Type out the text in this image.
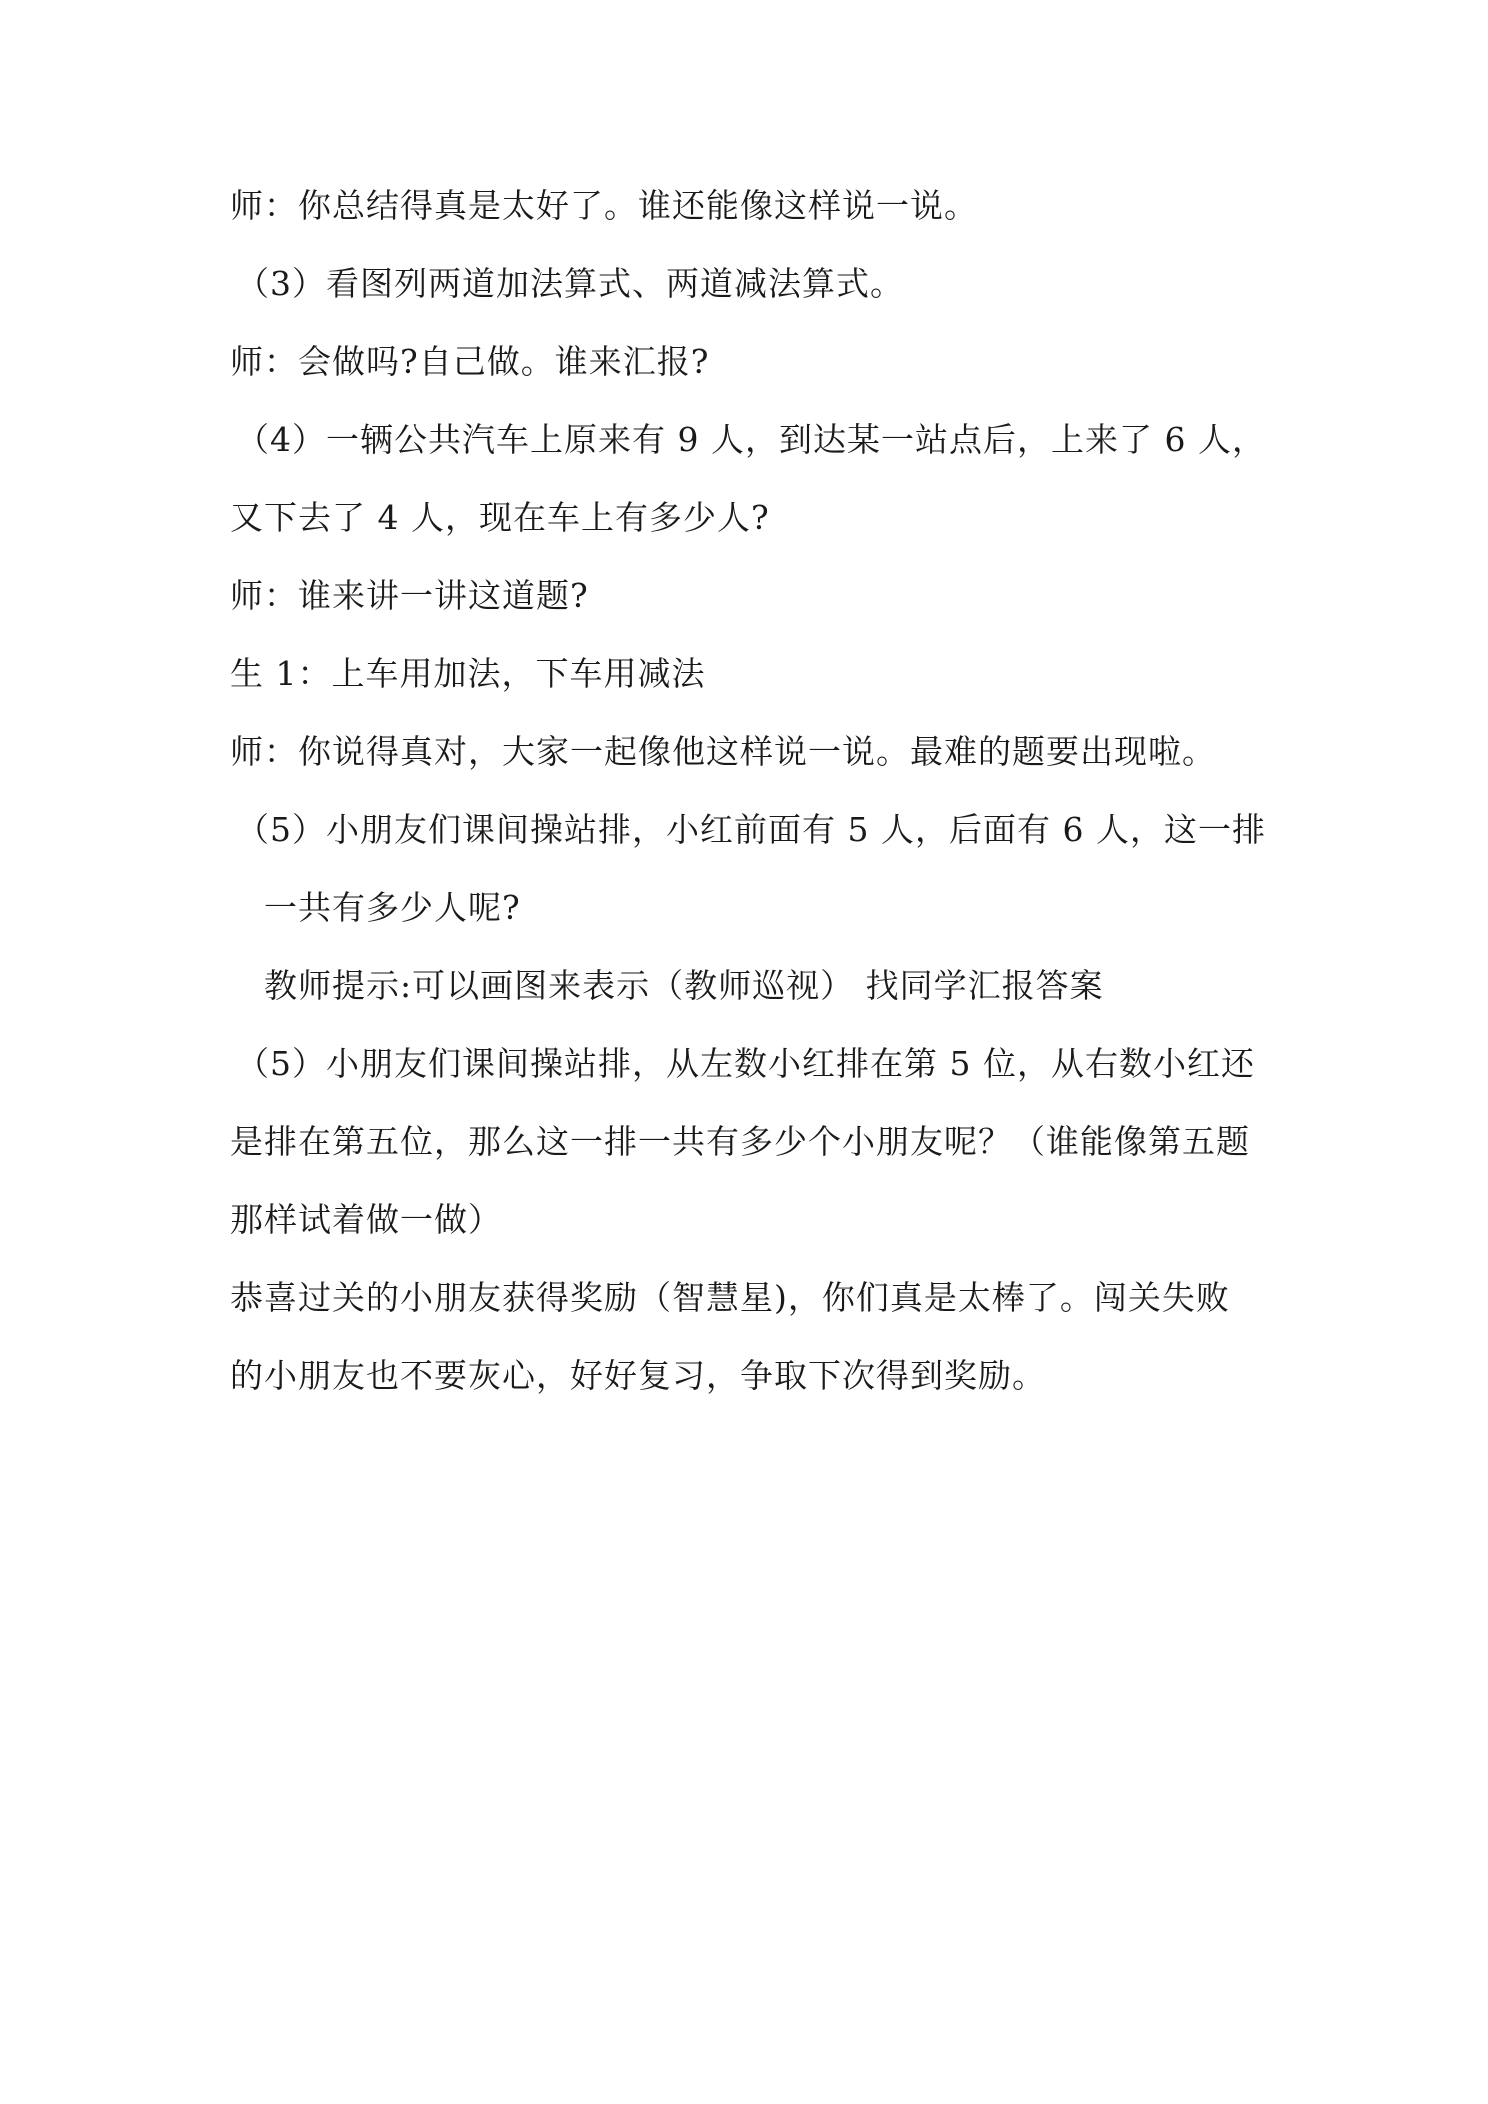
师：你总结得真是太好了。谁还能像这样说一说。
（3）看图列两道加法算式、两道减法算式。
师：会做吗?自己做。谁来汇报?
（4）一辆公共汽车上原来有 9 人，到达某一站点后，上来了 6 人，
又下去了 4 人，现在车上有多少人?
师：谁来讲一讲这道题?
生 1：上车用加法，下车用减法
师：你说得真对，大家一起像他这样说一说。最难的题要出现啦。
（5）小朋友们课间操站排，小红前面有 5 人，后面有 6 人，这一排
一共有多少人呢?
教师提示:可以画图来表示（教师巡视） 找同学汇报答案
（5）小朋友们课间操站排，从左数小红排在第 5 位，从右数小红还
是排在第五位，那么这一排一共有多少个小朋友呢？（谁能像第五题
那样试着做一做）
恭喜过关的小朋友获得奖励（智慧星)，你们真是太棒了。闯关失败
的小朋友也不要灰心，好好复习，争取下次得到奖励。
